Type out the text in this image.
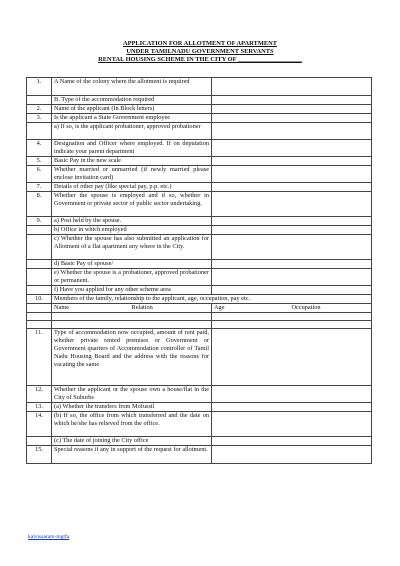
APPLICATION FOR ALLOTMENT OF APARTMENT
UNDER TAMILNADU GOVERNMENT SERVANTS
RENTAL HOUSING SCHEME IN THE CITY OF ____________________
1.	A Name of the colony where the allotment is required	
	B. Type of the accommodation required	
2.	Name of the applicant (In Block letters)	
3.	Is the applicant a State Government employee	
	a) If so, is the applicant probationer, approved probationer	
4.	Designation and Officer where employed. If on deputation indicate your parent department	
5.	Basic Pay in the new scale	
6.	Whether married or unmarried (if newly married please enclose invitation card)	
7.	Details of other pay (like special pay, p.p. etc.)	
8.	Whether the spouse is employed and if so, whether in Government or private sector of public sector undertaking.	
9.	a) Post held by the spouse.	
	b) Office in which employed	
	c) Whether the spouse has also submitted an application for Allotment of a flat apartment any where in the City.	
	d) Basic Pay of spouse/	
	e) Whether the spouse is a probationer, approved probationer or permanent.	
	f) Have you applied for any other scheme area	
10.	Members of the family, relationship to the applicant, age, occupation, pay etc.	

	Name Relation	Age Occupation

11.	Type of accommodation now occupied, amount of rent paid, whether private rented premises or Government or Government quarters of Accommodation controller of Tamil Nadu Housing Board and the address with the reasons for vacating the same	
12.	Whether the applicant or the spouse own a house/flat in the City of Suburbs	
13.	(a) Whether the transfers from Mofussil	
14.	(b) If so, the office from which transferred and the date on which he/she has relieved from the office.	
	(c) The date of joining the City office	
15.	Special reasons if any in support of the request for allotment.	
kalvisaaram-tngtfa
